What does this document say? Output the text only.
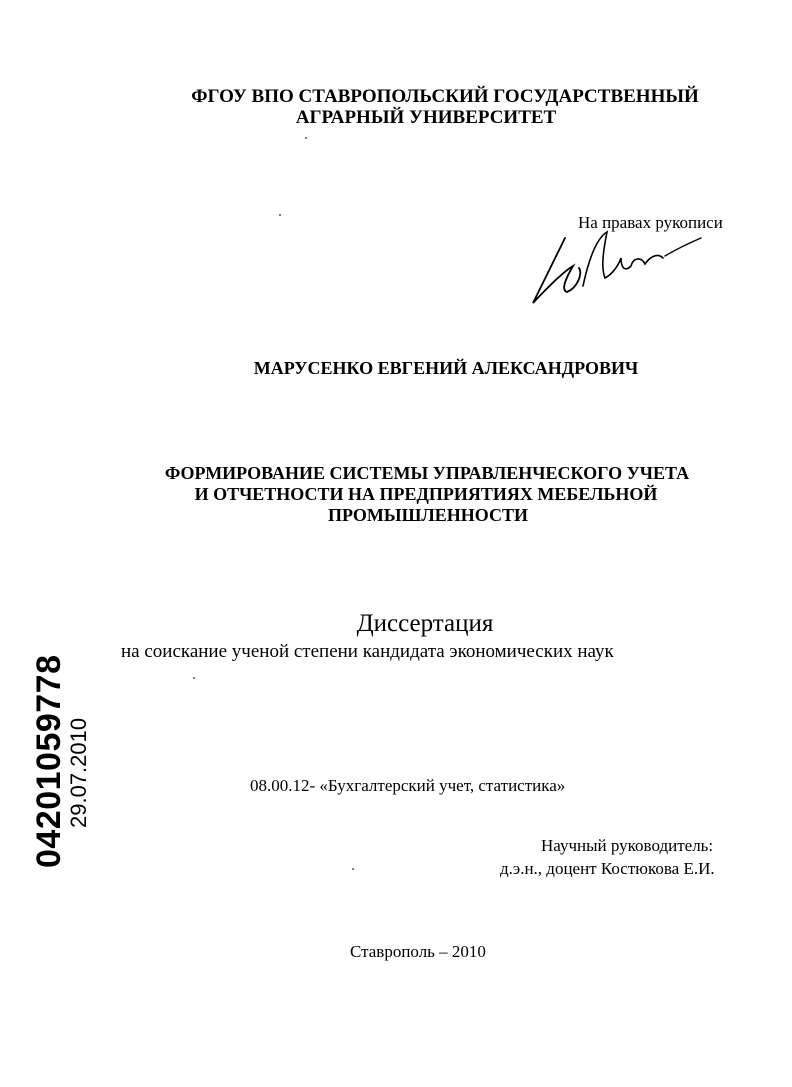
ФГОУ ВПО СТАВРОПОЛЬСКИЙ ГОСУДАРСТВЕННЫЙ
АГРАРНЫЙ УНИВЕРСИТЕТ
На правах рукописи
МАРУСЕНКО ЕВГЕНИЙ АЛЕКСАНДРОВИЧ
ФОРМИРОВАНИЕ СИСТЕМЫ УПРАВЛЕНЧЕСКОГО УЧЕТА
И ОТЧЕТНОСТИ НА ПРЕДПРИЯТИЯХ МЕБЕЛЬНОЙ
ПРОМЫШЛЕННОСТИ
Диссертация
на соискание ученой степени кандидата экономических наук
04201059778
29.07.2010	08.00.12- «Бухгалтерский учет, статистика»
Научный руководитель:
д.э.н., доцент Костюкова Е.И.
Ставрополь – 2010
